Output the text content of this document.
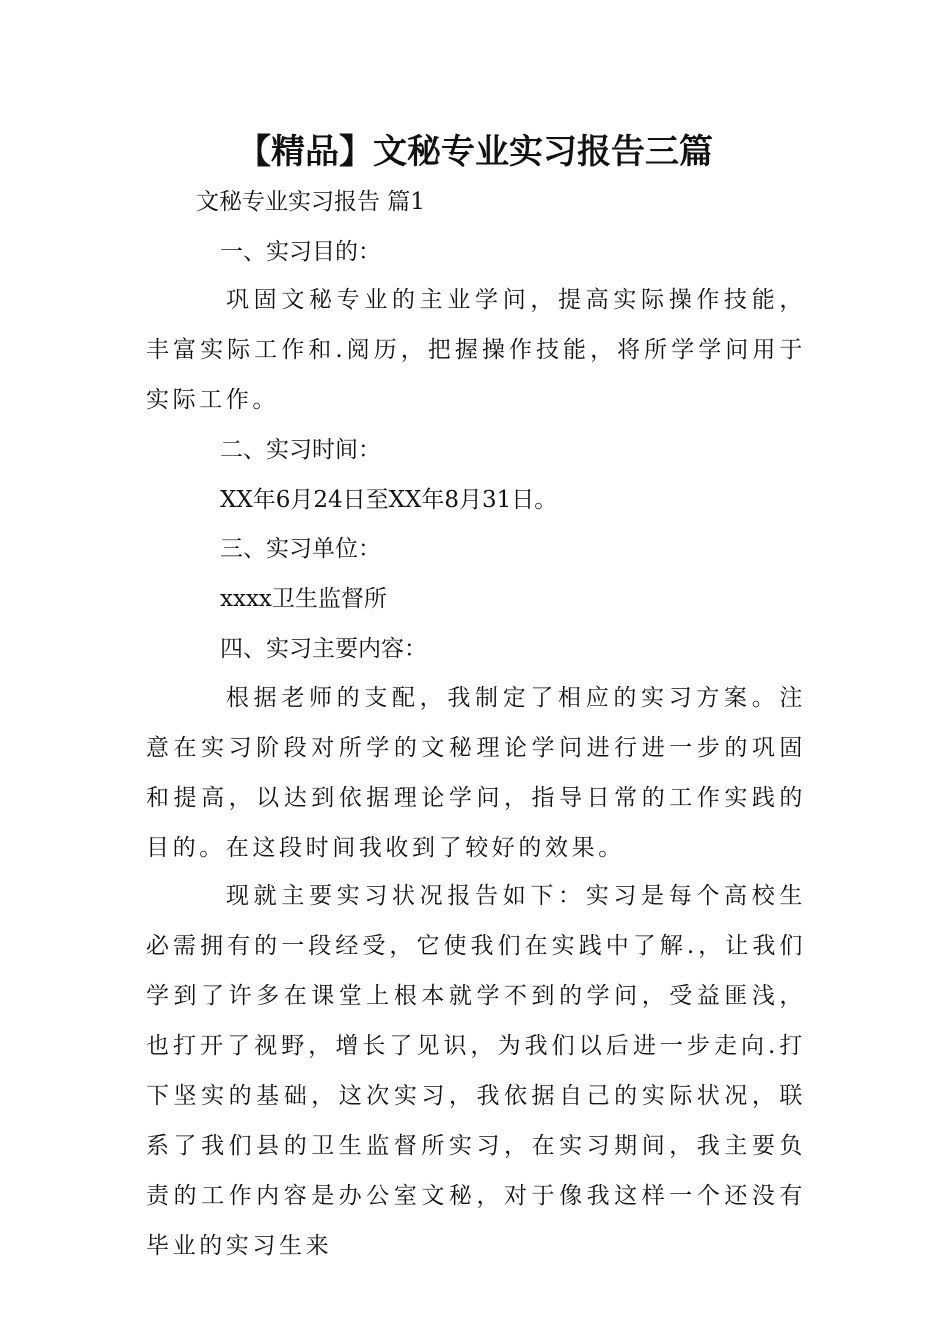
【精品】文秘专业实习报告三篇
文秘专业实习报告 篇1
一、实习目的：
巩固文秘专业的主业学问，提高实际操作技能，丰富实际工作和.阅历，把握操作技能，将所学学问用于实际工作。
二、实习时间：
XX年6月24日至XX年8月31日。
三、实习单位：
xxxx卫生监督所
四、实习主要内容：
根据老师的支配，我制定了相应的实习方案。注意在实习阶段对所学的文秘理论学问进行进一步的巩固和提高，以达到依据理论学问，指导日常的工作实践的目的。在这段时间我收到了较好的效果。
现就主要实习状况报告如下：实习是每个高校生必需拥有的一段经受，它使我们在实践中了解.，让我们学到了许多在课堂上根本就学不到的学问，受益匪浅，也打开了视野，增长了见识，为我们以后进一步走向.打下坚实的基础，这次实习，我依据自己的实际状况，联系了我们县的卫生监督所实习，在实习期间，我主要负责的工作内容是办公室文秘，对于像我这样一个还没有毕业的实习生来
